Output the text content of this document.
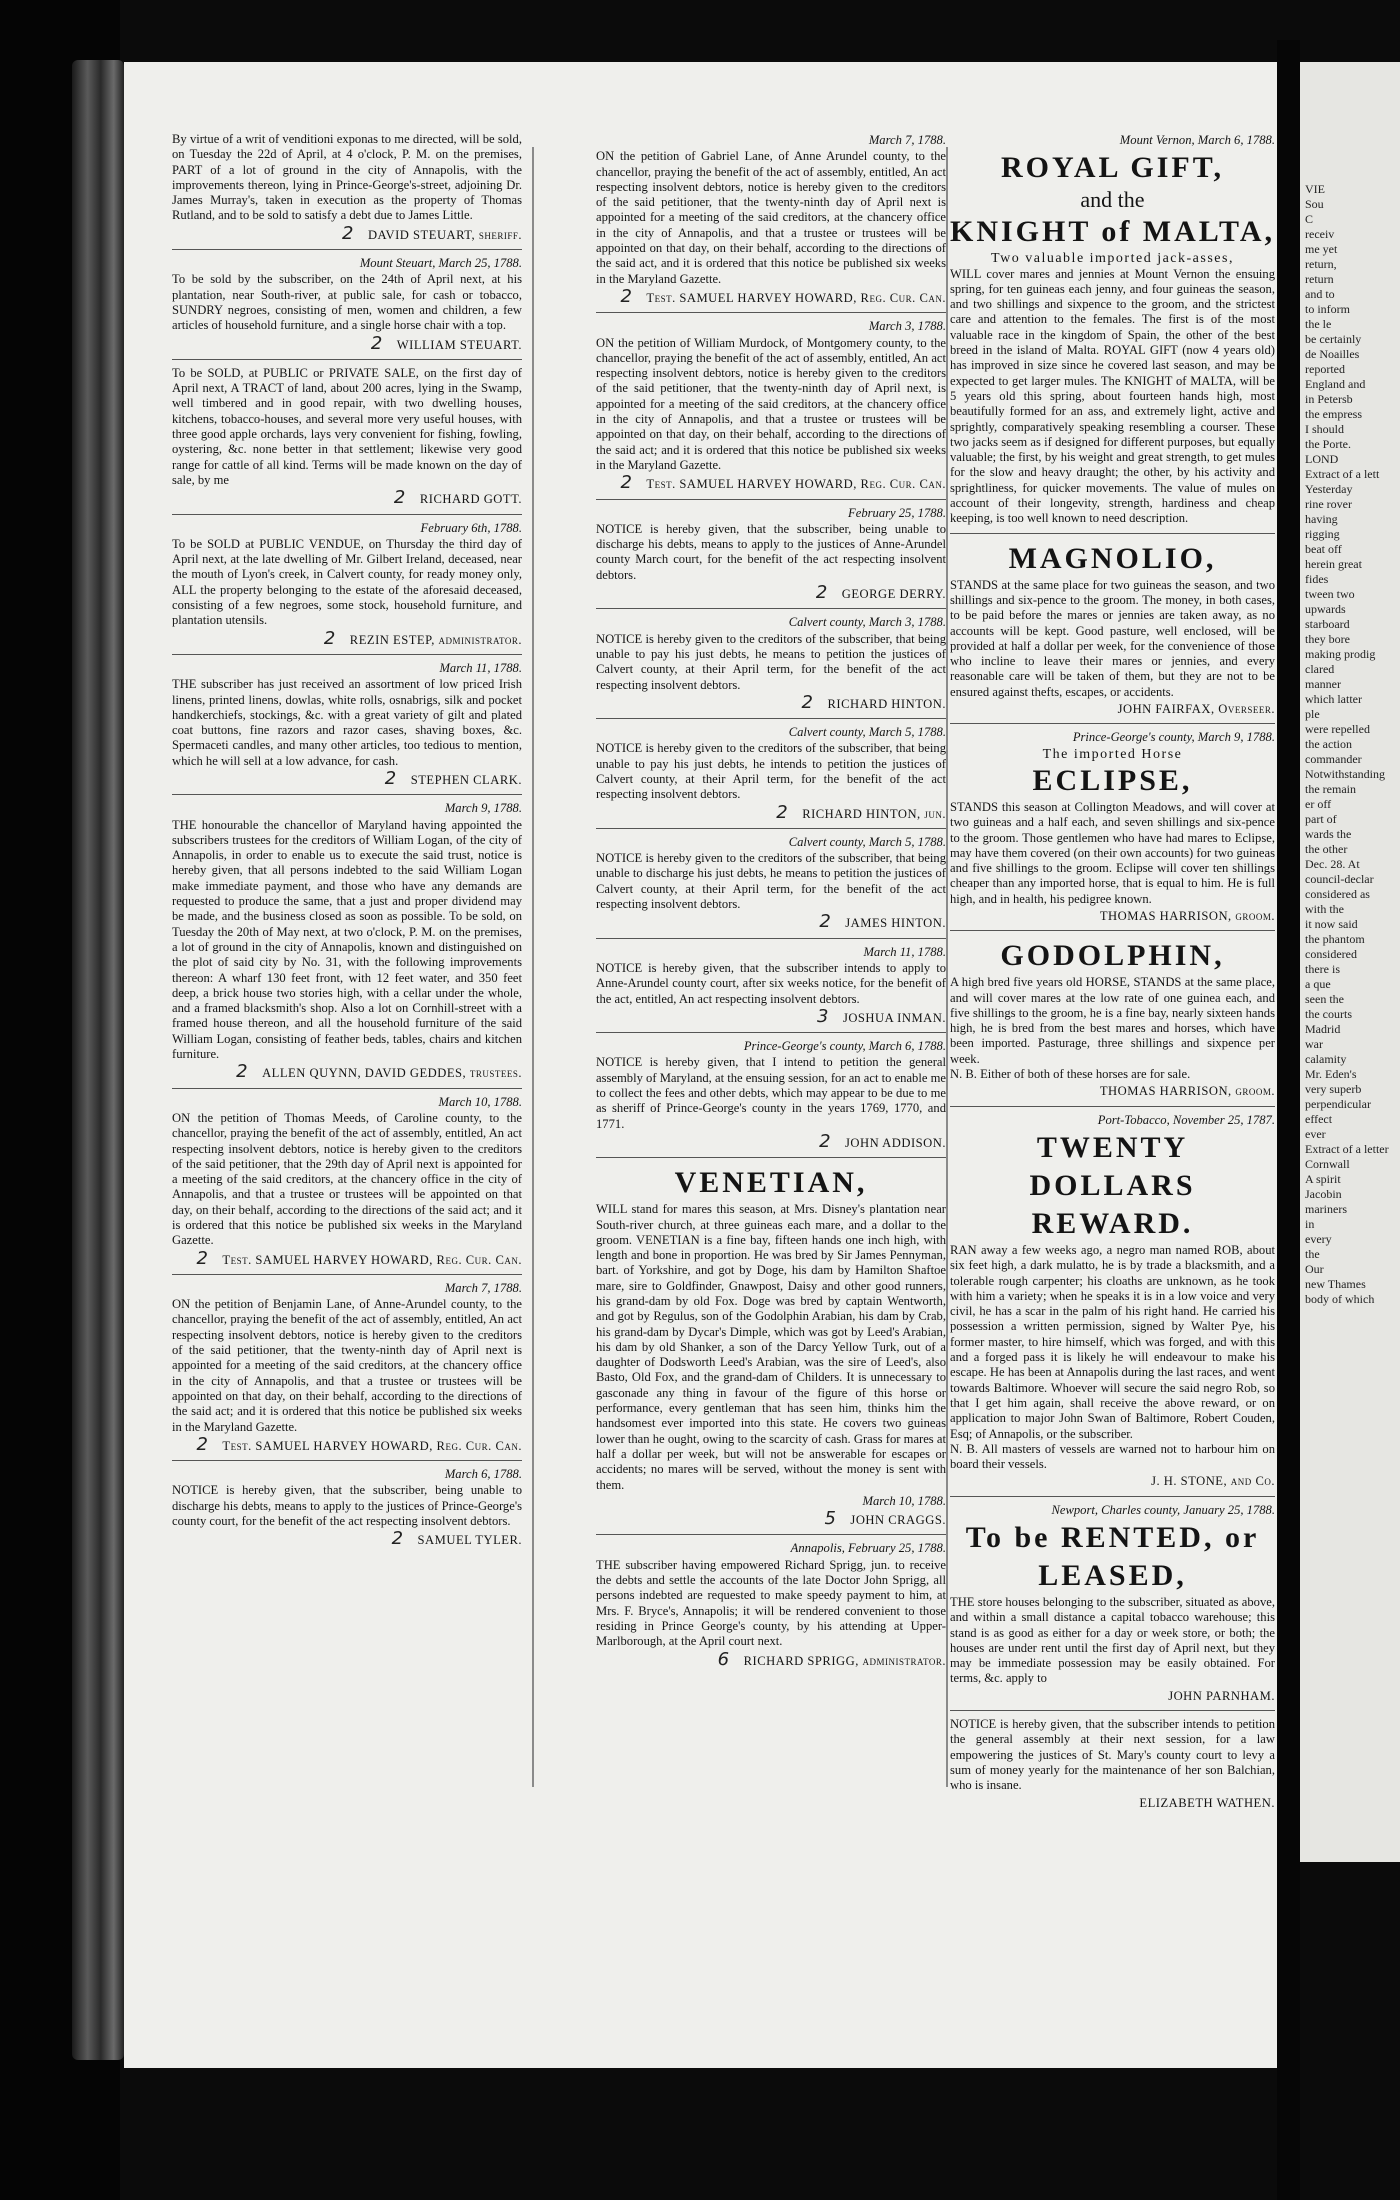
By virtue of a writ of venditioni exponas to me directed, will be sold, on Tuesday the 22d of April, at 4 o'clock, P. M. on the premises, PART of a lot of ground in the city of Annapolis, with the improvements thereon, lying in Prince-George's-street, adjoining Dr. James Murray's, taken in execution as the property of Thomas Rutland, and to be sold to satisfy a debt due to James Little.

2 DAVID STEUART, sheriff.
Mount Steuart, March 25, 1788.

To be sold by the subscriber, on the 24th of April next, at his plantation, near South-river, at public sale, for cash or tobacco, SUNDRY negroes, consisting of men, women and children, a few articles of household furniture, and a single horse chair with a top.

2 WILLIAM STEUART.

To be SOLD, at PUBLIC or PRIVATE SALE, on the first day of April next, A TRACT of land, about 200 acres, lying in the Swamp, well timbered and in good repair, with two dwelling houses, kitchens, tobacco-houses, and several more very useful houses, with three good apple orchards, lays very convenient for fishing, fowling, oystering, &c. none better in that settlement; likewise very good range for cattle of all kind. Terms will be made known on the day of sale, by me

2 RICHARD GOTT.
February 6th, 1788.

To be SOLD at PUBLIC VENDUE, on Thursday the third day of April next, at the late dwelling of Mr. Gilbert Ireland, deceased, near the mouth of Lyon's creek, in Calvert county, for ready money only, ALL the property belonging to the estate of the aforesaid deceased, consisting of a few negroes, some stock, household furniture, and plantation utensils.

2 REZIN ESTEP, administrator.
March 11, 1788.

THE subscriber has just received an assortment of low priced Irish linens, printed linens, dowlas, white rolls, osnabrigs, silk and pocket handkerchiefs, stockings, &c. with a great variety of gilt and plated coat buttons, fine razors and razor cases, shaving boxes, &c. Spermaceti candles, and many other articles, too tedious to mention, which he will sell at a low advance, for cash.

2 STEPHEN CLARK.
March 9, 1788.

THE honourable the chancellor of Maryland having appointed the subscribers trustees for the creditors of William Logan, of the city of Annapolis, in order to enable us to execute the said trust, notice is hereby given, that all persons indebted to the said William Logan make immediate payment, and those who have any demands are requested to produce the same, that a just and proper dividend may be made, and the business closed as soon as possible. To be sold, on Tuesday the 20th of May next, at two o'clock, P. M. on the premises, a lot of ground in the city of Annapolis, known and distinguished on the plot of said city by No. 31, with the following improvements thereon: A wharf 130 feet front, with 12 feet water, and 350 feet deep, a brick house two stories high, with a cellar under the whole, and a framed blacksmith's shop. Also a lot on Cornhill-street with a framed house thereon, and all the household furniture of the said William Logan, consisting of feather beds, tables, chairs and kitchen furniture.

2 ALLEN QUYNN, DAVID GEDDES, trustees.
March 10, 1788.

ON the petition of Thomas Meeds, of Caroline county, to the chancellor, praying the benefit of the act of assembly, entitled, An act respecting insolvent debtors, notice is hereby given to the creditors of the said petitioner, that the 29th day of April next is appointed for a meeting of the said creditors, at the chancery office in the city of Annapolis, and that a trustee or trustees will be appointed on that day, on their behalf, according to the directions of the said act; and it is ordered that this notice be published six weeks in the Maryland Gazette.

2 Test. SAMUEL HARVEY HOWARD, Reg. Cur. Can.
March 7, 1788.

ON the petition of Benjamin Lane, of Anne-Arundel county, to the chancellor, praying the benefit of the act of assembly, entitled, An act respecting insolvent debtors, notice is hereby given to the creditors of the said petitioner, that the twenty-ninth day of April next is appointed for a meeting of the said creditors, at the chancery office in the city of Annapolis, and that a trustee or trustees will be appointed on that day, on their behalf, according to the directions of the said act; and it is ordered that this notice be published six weeks in the Maryland Gazette.

2 Test. SAMUEL HARVEY HOWARD, Reg. Cur. Can.
March 6, 1788.

NOTICE is hereby given, that the subscriber, being unable to discharge his debts, means to apply to the justices of Prince-George's county court, for the benefit of the act respecting insolvent debtors.

2 SAMUEL TYLER.
March 7, 1788.

ON the petition of Gabriel Lane, of Anne Arundel county, to the chancellor, praying the benefit of the act of assembly, entitled, An act respecting insolvent debtors, notice is hereby given to the creditors of the said petitioner, that the twenty-ninth day of April next is appointed for a meeting of the said creditors, at the chancery office in the city of Annapolis, and that a trustee or trustees will be appointed on that day, on their behalf, according to the directions of the said act, and it is ordered that this notice be published six weeks in the Maryland Gazette.

2 Test. SAMUEL HARVEY HOWARD, Reg. Cur. Can.
March 3, 1788.

ON the petition of William Murdock, of Montgomery county, to the chancellor, praying the benefit of the act of assembly, entitled, An act respecting insolvent debtors, notice is hereby given to the creditors of the said petitioner, that the twenty-ninth day of April next, is appointed for a meeting of the said creditors, at the chancery office in the city of Annapolis, and that a trustee or trustees will be appointed on that day, on their behalf, according to the directions of the said act; and it is ordered that this notice be published six weeks in the Maryland Gazette.

2 Test. SAMUEL HARVEY HOWARD, Reg. Cur. Can.
February 25, 1788.

NOTICE is hereby given, that the subscriber, being unable to discharge his debts, means to apply to the justices of Anne-Arundel county March court, for the benefit of the act respecting insolvent debtors.

2 GEORGE DERRY.
Calvert county, March 3, 1788.

NOTICE is hereby given to the creditors of the subscriber, that being unable to pay his just debts, he means to petition the justices of Calvert county, at their April term, for the benefit of the act respecting insolvent debtors.

2 RICHARD HINTON.
Calvert county, March 5, 1788.

NOTICE is hereby given to the creditors of the subscriber, that being unable to pay his just debts, he intends to petition the justices of Calvert county, at their April term, for the benefit of the act respecting insolvent debtors.

2 RICHARD HINTON, jun.
Calvert county, March 5, 1788.

NOTICE is hereby given to the creditors of the subscriber, that being unable to discharge his just debts, he means to petition the justices of Calvert county, at their April term, for the benefit of the act respecting insolvent debtors.

2 JAMES HINTON.
March 11, 1788.

NOTICE is hereby given, that the subscriber intends to apply to Anne-Arundel county court, after six weeks notice, for the benefit of the act, entitled, An act respecting insolvent debtors.

3 JOSHUA INMAN.
Prince-George's county, March 6, 1788.

NOTICE is hereby given, that I intend to petition the general assembly of Maryland, at the ensuing session, for an act to enable me to collect the fees and other debts, which may appear to be due to me as sheriff of Prince-George's county in the years 1769, 1770, and 1771.

2 JOHN ADDISON.
VENETIAN,

WILL stand for mares this season, at Mrs. Disney's plantation near South-river church, at three guineas each mare, and a dollar to the groom. VENETIAN is a fine bay, fifteen hands one inch high, with length and bone in proportion. He was bred by Sir James Pennyman, bart. of Yorkshire, and got by Doge, his dam by Hamilton Shaftoe mare, sire to Goldfinder, Gnawpost, Daisy and other good runners, his grand-dam by old Fox. Doge was bred by captain Wentworth, and got by Regulus, son of the Godolphin Arabian, his dam by Crab, his grand-dam by Dycar's Dimple, which was got by Leed's Arabian, his dam by old Shanker, a son of the Darcy Yellow Turk, out of a daughter of Dodsworth Leed's Arabian, was the sire of Leed's, also Basto, Old Fox, and the grand-dam of Childers. It is unnecessary to gasconade any thing in favour of the figure of this horse or performance, every gentleman that has seen him, thinks him the handsomest ever imported into this state. He covers two guineas lower than he ought, owing to the scarcity of cash. Grass for mares at half a dollar per week, but will not be answerable for escapes or accidents; no mares will be served, without the money is sent with them.

March 10, 1788.
5 JOHN CRAGGS.
Annapolis, February 25, 1788.

THE subscriber having empowered Richard Sprigg, jun. to receive the debts and settle the accounts of the late Doctor John Sprigg, all persons indebted are requested to make speedy payment to him, at Mrs. F. Bryce's, Annapolis; it will be rendered convenient to those residing in Prince George's county, by his attending at Upper-Marlborough, at the April court next.

6 RICHARD SPRIGG, administrator.
Mount Vernon, March 6, 1788.
ROYAL GIFT,
and the
KNIGHT of MALTA,
Two valuable imported jack-asses,

WILL cover mares and jennies at Mount Vernon the ensuing spring, for ten guineas each jenny, and four guineas the season, and two shillings and sixpence to the groom, and the strictest care and attention to the females. The first is of the most valuable race in the kingdom of Spain, the other of the best breed in the island of Malta. ROYAL GIFT (now 4 years old) has improved in size since he covered last season, and may be expected to get larger mules. The KNIGHT of MALTA, will be 5 years old this spring, about fourteen hands high, most beautifully formed for an ass, and extremely light, active and sprightly, comparatively speaking resembling a courser. These two jacks seem as if designed for different purposes, but equally valuable; the first, by his weight and great strength, to get mules for the slow and heavy draught; the other, by his activity and sprightliness, for quicker movements. The value of mules on account of their longevity, strength, hardiness and cheap keeping, is too well known to need description.

MAGNOLIO,

STANDS at the same place for two guineas the season, and two shillings and six-pence to the groom. The money, in both cases, to be paid before the mares or jennies are taken away, as no accounts will be kept. Good pasture, well enclosed, will be provided at half a dollar per week, for the convenience of those who incline to leave their mares or jennies, and every reasonable care will be taken of them, but they are not to be ensured against thefts, escapes, or accidents.

JOHN FAIRFAX, Overseer.
Prince-George's county, March 9, 1788.
The imported Horse
ECLIPSE,

STANDS this season at Collington Meadows, and will cover at two guineas and a half each, and seven shillings and six-pence to the groom. Those gentlemen who have had mares to Eclipse, may have them covered (on their own accounts) for two guineas and five shillings to the groom. Eclipse will cover ten shillings cheaper than any imported horse, that is equal to him. He is full high, and in health, his pedigree known.

THOMAS HARRISON, groom.
GODOLPHIN,

A high bred five years old HORSE, STANDS at the same place, and will cover mares at the low rate of one guinea each, and five shillings to the groom, he is a fine bay, nearly sixteen hands high, he is bred from the best mares and horses, which have been imported. Pasturage, three shillings and sixpence per week.

N. B. Either of both of these horses are for sale.

THOMAS HARRISON, groom.
Port-Tobacco, November 25, 1787.
TWENTY DOLLARS REWARD.

RAN away a few weeks ago, a negro man named ROB, about six feet high, a dark mulatto, he is by trade a blacksmith, and a tolerable rough carpenter; his cloaths are unknown, as he took with him a variety; when he speaks it is in a low voice and very civil, he has a scar in the palm of his right hand. He carried his possession a written permission, signed by Walter Pye, his former master, to hire himself, which was forged, and with this and a forged pass it is likely he will endeavour to make his escape. He has been at Annapolis during the last races, and went towards Baltimore. Whoever will secure the said negro Rob, so that I get him again, shall receive the above reward, or on application to major John Swan of Baltimore, Robert Couden, Esq; of Annapolis, or the subscriber.

N. B. All masters of vessels are warned not to harbour him on board their vessels.

J. H. STONE, and Co.
Newport, Charles county, January 25, 1788.
To be RENTED, or LEASED,

THE store houses belonging to the subscriber, situated as above, and within a small distance a capital tobacco warehouse; this stand is as good as either for a day or week store, or both; the houses are under rent until the first day of April next, but they may be immediate possession may be easily obtained. For terms, &c. apply to

JOHN PARNHAM.

NOTICE is hereby given, that the subscriber intends to petition the general assembly at their next session, for a law empowering the justices of St. Mary's county court to levy a sum of money yearly for the maintenance of her son Balchian, who is insane.

ELIZABETH WATHEN.
VIE
Sou
C
receiv
me yet
return,
return
and to
to inform
the le
be certainly
de Noailles
reported
England and
in Petersb
the empress
I should
the Porte.
LOND
Extract of a lett
Yesterday
rine rover
having
rigging
beat off
herein great
fides
tween two
upwards
starboard
they bore
making prodig
clared
manner
which latter
ple
were repelled
the action
commander
Notwithstanding
the remain
er off
part of
wards the
the other
Dec. 28. At
council-declar
considered as
with the
it now said
the phantom
considered
there is
a que
seen the
the courts
Madrid
war
calamity
Mr. Eden's
very superb
perpendicular
effect
ever
Extract of a letter
Cornwall
A spirit
Jacobin
mariners
in
every
the
Our
new Thames
body of which
